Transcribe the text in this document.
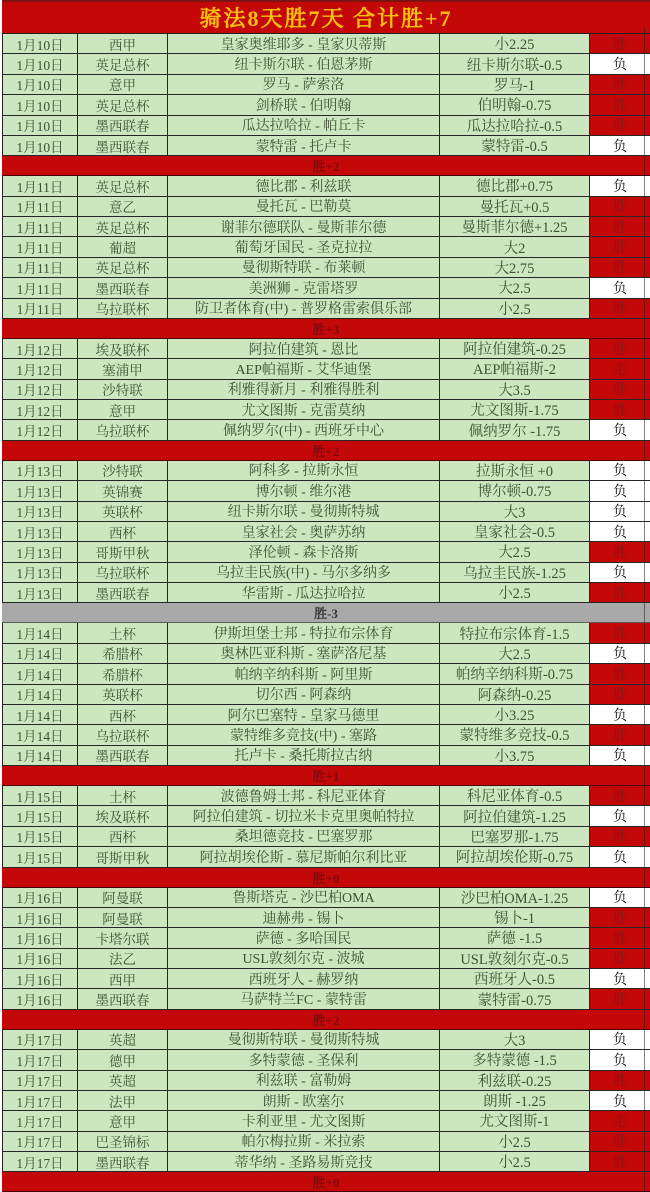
骑法8天胜7天 合计胜+7
1月10日	西甲	皇家奥维耶多 - 皇家贝蒂斯	小2.25	胜
1月10日	英足总杯	纽卡斯尔联 - 伯恩茅斯	纽卡斯尔联-0.5	负
1月10日	意甲	罗马 - 萨索洛	罗马-1	胜
1月10日	英足总杯	剑桥联 - 伯明翰	伯明翰-0.75	胜
1月10日	墨西联春	瓜达拉哈拉 - 帕丘卡	瓜达拉哈拉-0.5	胜
1月10日	墨西联春	蒙特雷 - 托卢卡	蒙特雷-0.5	负
胜+2
1月11日	英足总杯	德比郡 - 利兹联	德比郡+0.75	负
1月11日	意乙	曼托瓦 - 巴勒莫	曼托瓦+0.5	胜
1月11日	英足总杯	谢菲尔德联队 - 曼斯菲尔德	曼斯菲尔德+1.25	胜
1月11日	葡超	葡萄牙国民 - 圣克拉拉	大2	胜
1月11日	英足总杯	曼彻斯特联 - 布莱顿	大2.75	胜
1月11日	墨西联春	美洲狮 - 克雷塔罗	大2.5	负
1月11日	乌拉联杯	防卫者体育(中) - 普罗格雷索俱乐部	小2.5	胜
胜+3
1月12日	埃及联杯	阿拉伯建筑 - 恩比	阿拉伯建筑-0.25	胜
1月12日	塞浦甲	AEP帕福斯 - 艾华迪堡	AEP帕福斯-2	走
1月12日	沙特联	利雅得新月 - 利雅得胜利	大3.5	胜
1月12日	意甲	尤文图斯 - 克雷莫纳	尤文图斯-1.75	胜
1月12日	乌拉联杯	佩纳罗尔(中) - 西班牙中心	佩纳罗尔 -1.75	负
胜+2
1月13日	沙特联	阿科多 - 拉斯永恒	拉斯永恒 +0	负
1月13日	英锦赛	博尔顿 - 维尔港	博尔顿-0.75	负
1月13日	英联杯	纽卡斯尔联 - 曼彻斯特城	大3	负
1月13日	西杯	皇家社会 - 奥萨苏纳	皇家社会-0.5	负
1月13日	哥斯甲秋	泽伦顿 - 森卡洛斯	大2.5	胜
1月13日	乌拉联杯	乌拉圭民族(中) - 马尔多纳多	乌拉圭民族-1.25	负
1月13日	墨西联春	华雷斯 - 瓜达拉哈拉	小2.5	胜
胜-3
1月14日	土杯	伊斯坦堡士邦 - 特拉布宗体育	特拉布宗体育-1.5	胜
1月14日	希腊杯	奥林匹亚科斯 - 塞萨洛尼基	大2.5	负
1月14日	希腊杯	帕纳辛纳科斯 - 阿里斯	帕纳辛纳科斯-0.75	胜
1月14日	英联杯	切尔西 - 阿森纳	阿森纳-0.25	胜
1月14日	西杯	阿尔巴塞特 - 皇家马德里	小3.25	负
1月14日	乌拉联杯	蒙特维多竞技(中) - 塞路	蒙特维多竞技-0.5	胜
1月14日	墨西联春	托卢卡 - 桑托斯拉古纳	小3.75	负
胜+1
1月15日	土杯	波德鲁姆士邦 - 科尼亚体育	科尼亚体育-0.5	胜
1月15日	埃及联杯	阿拉伯建筑 - 切拉米卡克里奥帕特拉	阿拉伯建筑-1.25	负
1月15日	西杯	桑坦德竞技 - 巴塞罗那	巴塞罗那-1.75	胜
1月15日	哥斯甲秋	阿拉胡埃伦斯 - 慕尼斯帕尔利比亚	阿拉胡埃伦斯-0.75	负
胜+0
1月16日	阿曼联	鲁斯塔克 - 沙巴柏OMA	沙巴柏OMA-1.25	负
1月16日	阿曼联	迪赫弗 - 锡卜	锡卜-1	胜
1月16日	卡塔尔联	萨德 - 多哈国民	萨德 -1.5	胜
1月16日	法乙	USL敦刻尔克 - 波城	USL敦刻尔克-0.5	胜
1月16日	西甲	西班牙人 - 赫罗纳	西班牙人-0.5	负
1月16日	墨西联春	马萨特兰FC - 蒙特雷	蒙特雷-0.75	胜
胜+2
1月17日	英超	曼彻斯特联 - 曼彻斯特城	大3	负
1月17日	德甲	多特蒙德 - 圣保利	多特蒙德 -1.5	负
1月17日	英超	利兹联 - 富勒姆	利兹联-0.25	胜
1月17日	法甲	朗斯 - 欧塞尔	朗斯 -1.25	负
1月17日	意甲	卡利亚里 - 尤文图斯	尤文图斯-1	走
1月17日	巴圣锦标	帕尔梅拉斯 - 米拉索	小2.5	胜
1月17日	墨西联春	蒂华纳 - 圣路易斯竞技	小2.5	胜
胜+0
